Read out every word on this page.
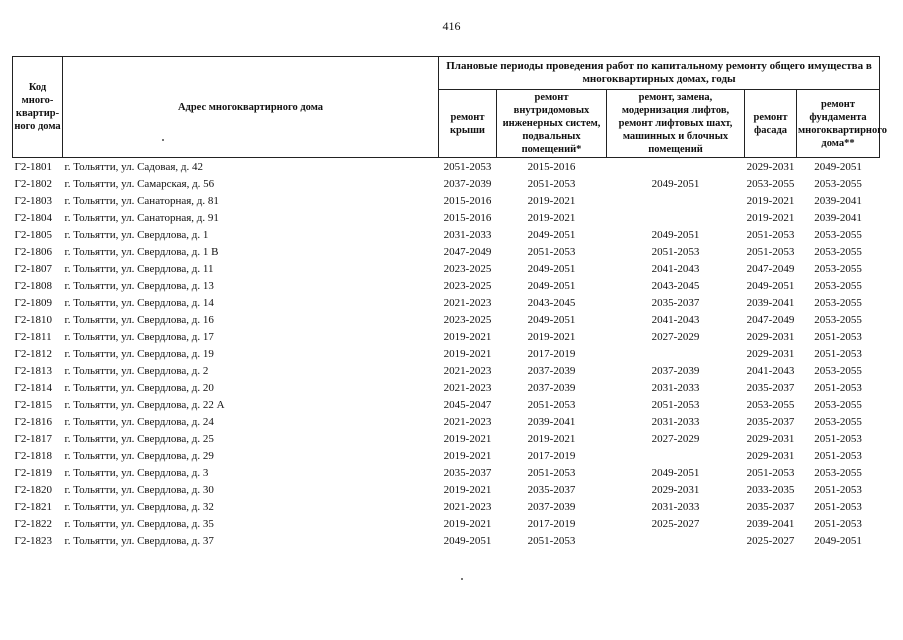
416
Код много- квартир- ного дома	Адрес многоквартирного дома	Плановые периоды проведения работ по капитальному ремонту общего имущества в многоквартирных домах, годы				
		ремонт крыши	ремонт внутридомовых инженерных систем, подвальных помещений*	ремонт, замена, модернизация лифтов, ремонт лифтовых шахт, машинных и блочных помещений	ремонт фасада	ремонт фундамента многоквартирного дома**
Г2-1801	г. Тольятти, ул. Садовая, д. 42	2051-2053	2015-2016		2029-2031	2049-2051
Г2-1802	г. Тольятти, ул. Самарская, д. 56	2037-2039	2051-2053	2049-2051	2053-2055	2053-2055
Г2-1803	г. Тольятти, ул. Санаторная, д. 81	2015-2016	2019-2021		2019-2021	2039-2041
Г2-1804	г. Тольятти, ул. Санаторная, д. 91	2015-2016	2019-2021		2019-2021	2039-2041
Г2-1805	г. Тольятти, ул. Свердлова, д. 1	2031-2033	2049-2051	2049-2051	2051-2053	2053-2055
Г2-1806	г. Тольятти, ул. Свердлова, д. 1 В	2047-2049	2051-2053	2051-2053	2051-2053	2053-2055
Г2-1807	г. Тольятти, ул. Свердлова, д. 11	2023-2025	2049-2051	2041-2043	2047-2049	2053-2055
Г2-1808	г. Тольятти, ул. Свердлова, д. 13	2023-2025	2049-2051	2043-2045	2049-2051	2053-2055
Г2-1809	г. Тольятти, ул. Свердлова, д. 14	2021-2023	2043-2045	2035-2037	2039-2041	2053-2055
Г2-1810	г. Тольятти, ул. Свердлова, д. 16	2023-2025	2049-2051	2041-2043	2047-2049	2053-2055
Г2-1811	г. Тольятти, ул. Свердлова, д. 17	2019-2021	2019-2021	2027-2029	2029-2031	2051-2053
Г2-1812	г. Тольятти, ул. Свердлова, д. 19	2019-2021	2017-2019		2029-2031	2051-2053
Г2-1813	г. Тольятти, ул. Свердлова, д. 2	2021-2023	2037-2039	2037-2039	2041-2043	2053-2055
Г2-1814	г. Тольятти, ул. Свердлова, д. 20	2021-2023	2037-2039	2031-2033	2035-2037	2051-2053
Г2-1815	г. Тольятти, ул. Свердлова, д. 22 А	2045-2047	2051-2053	2051-2053	2053-2055	2053-2055
Г2-1816	г. Тольятти, ул. Свердлова, д. 24	2021-2023	2039-2041	2031-2033	2035-2037	2053-2055
Г2-1817	г. Тольятти, ул. Свердлова, д. 25	2019-2021	2019-2021	2027-2029	2029-2031	2051-2053
Г2-1818	г. Тольятти, ул. Свердлова, д. 29	2019-2021	2017-2019		2029-2031	2051-2053
Г2-1819	г. Тольятти, ул. Свердлова, д. 3	2035-2037	2051-2053	2049-2051	2051-2053	2053-2055
Г2-1820	г. Тольятти, ул. Свердлова, д. 30	2019-2021	2035-2037	2029-2031	2033-2035	2051-2053
Г2-1821	г. Тольятти, ул. Свердлова, д. 32	2021-2023	2037-2039	2031-2033	2035-2037	2051-2053
Г2-1822	г. Тольятти, ул. Свердлова, д. 35	2019-2021	2017-2019	2025-2027	2039-2041	2051-2053
Г2-1823	г. Тольятти, ул. Свердлова, д. 37	2049-2051	2051-2053		2025-2027	2049-2051
